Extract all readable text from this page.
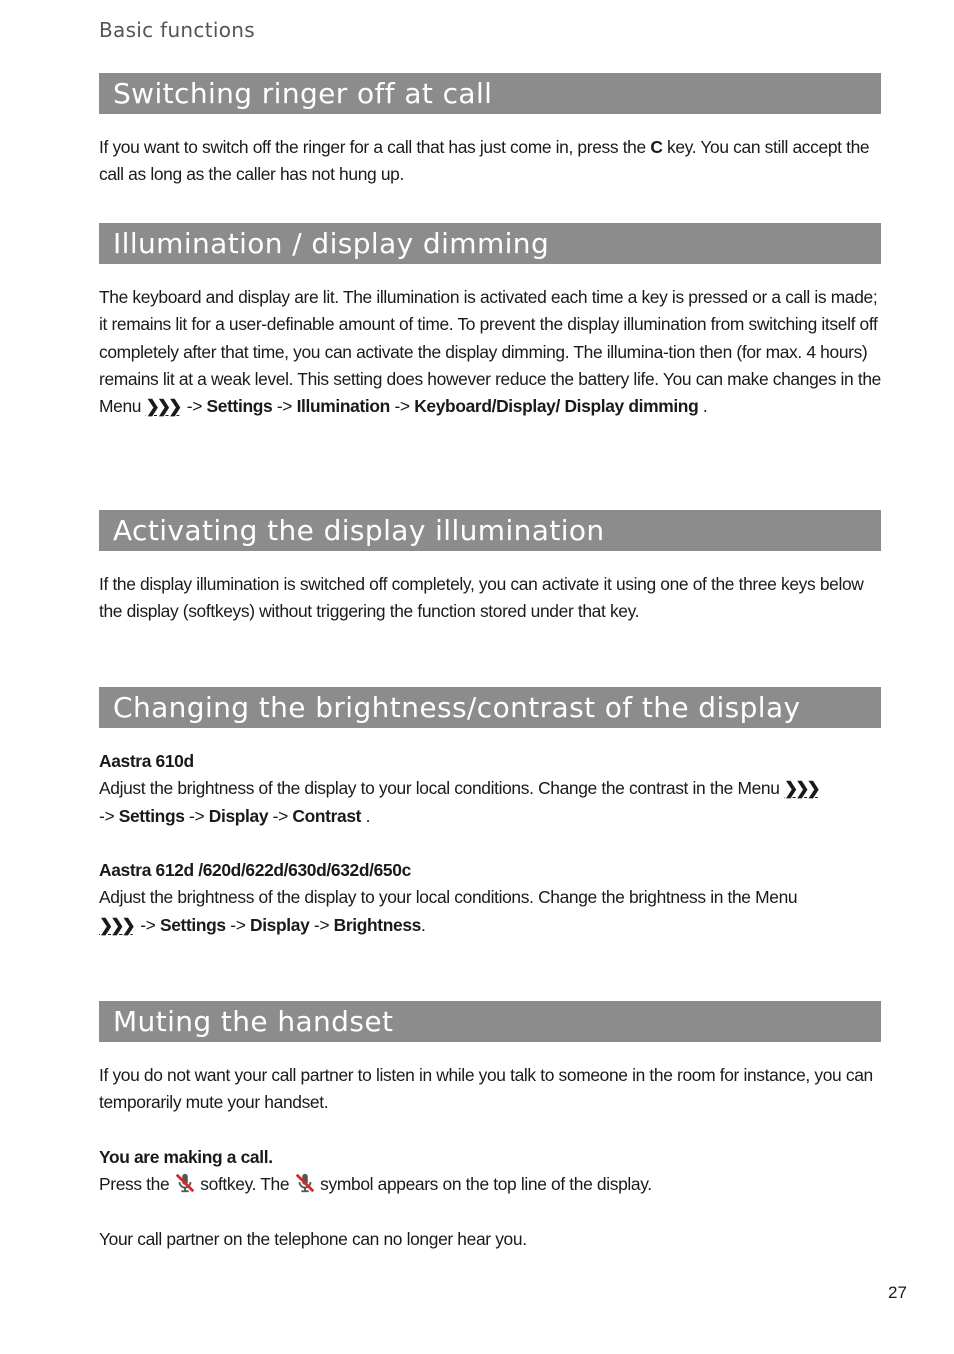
Basic functions
Switching ringer off at call

If you want to switch off the ringer for a call that has just come in, press the C key. You can still accept the call as long as the caller has not hung up.

Illumination / display dimming

The keyboard and display are lit. The illumination is activated each time a key is pressed or a call is made; it remains lit for a user-definable amount of time. To prevent the display illumination from switching itself off completely after that time, you can activate the display dimming. The illumina-tion then (for max. 4 hours) remains lit at a weak level. This setting does however reduce the battery life. You can make changes in the Menu ❯❯❯ -> Settings -> Illumination -> Keyboard/Display/ Display dimming .

Activating the display illumination

If the display illumination is switched off completely, you can activate it using one of the three keys below the display (softkeys) without triggering the function stored under that key.

Changing the brightness/contrast of the display

Aastra 610d

Adjust the brightness of the display to your local conditions. Change the contrast in the Menu ❯❯❯
-> Settings -> Display -> Contrast .

Aastra 612d /620d/622d/630d/632d/650c

Adjust the brightness of the display to your local conditions. Change the brightness in the Menu
❯❯❯ -> Settings -> Display -> Brightness.

Muting the handset

If you do not want your call partner to listen in while you talk to someone in the room for instance, you can temporarily mute your handset.

You are making a call.

Press the  softkey. The  symbol appears on the top line of the display.

Your call partner on the telephone can no longer hear you.

27
